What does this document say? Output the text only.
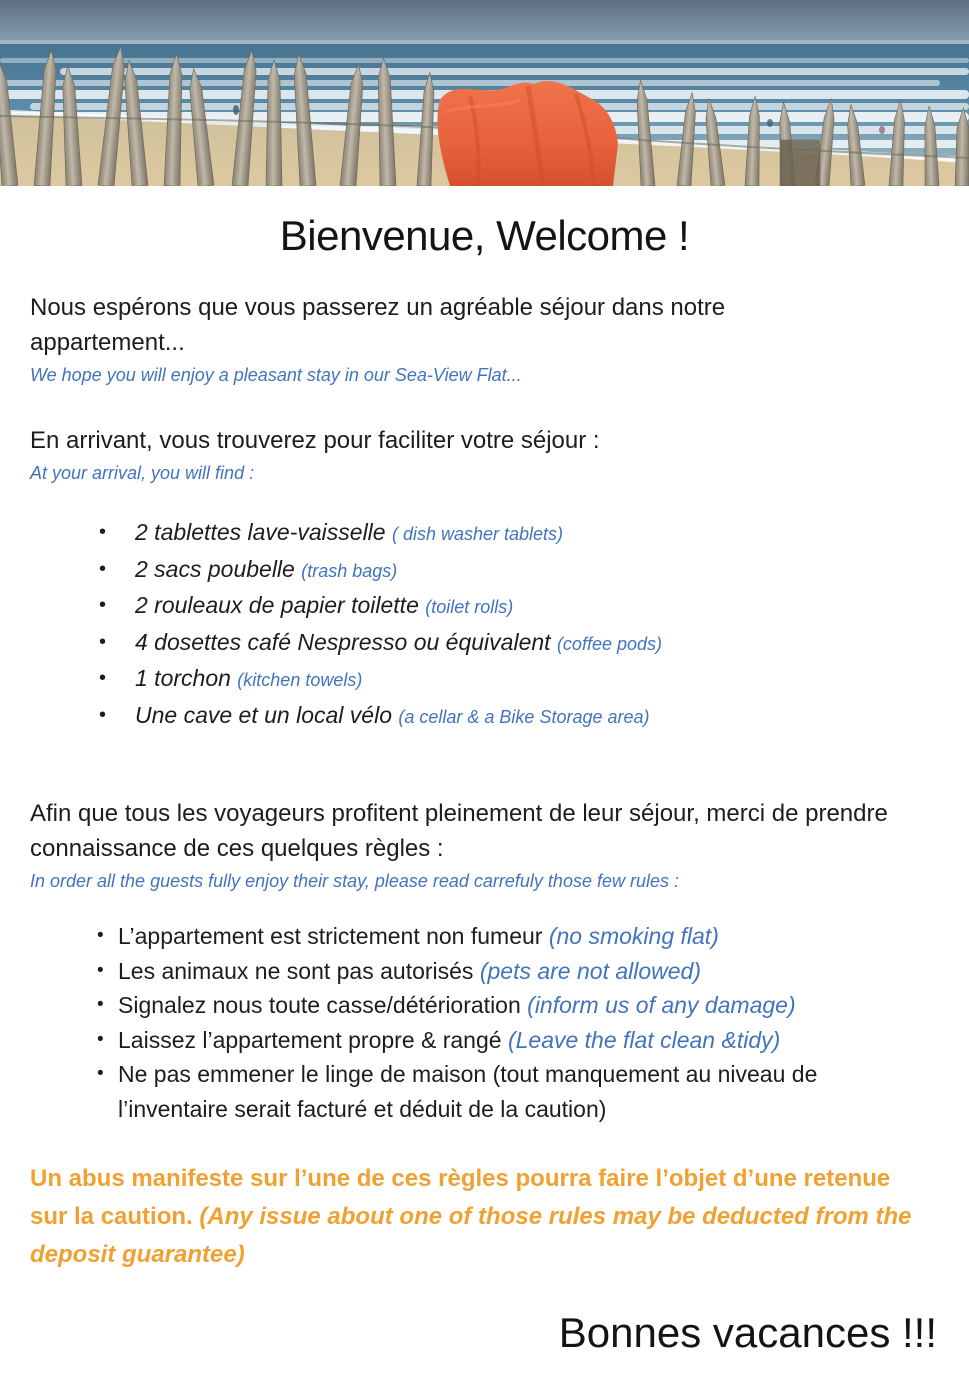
Bienvenue, Welcome !

Nous espérons que vous passerez un agréable séjour dans notre appartement...

We hope you will enjoy a pleasant stay in our Sea-View Flat...

En arrivant, vous trouverez pour faciliter votre séjour :

At your arrival, you will find :

• 2 tablettes lave-vaisselle ( dish washer tablets)
• 2 sacs poubelle (trash bags)
• 2 rouleaux de papier toilette (toilet rolls)
• 4 dosettes café Nespresso ou équivalent (coffee pods)
• 1 torchon (kitchen towels)
• Une cave et un local vélo (a cellar & a Bike Storage area)

Afin que tous les voyageurs profitent pleinement de leur séjour, merci de prendre connaissance de ces quelques règles :

In order all the guests fully enjoy their stay, please read carrefuly those few rules :

• L’appartement est strictement non fumeur (no smoking flat)
• Les animaux ne sont pas autorisés (pets are not allowed)
• Signalez nous toute casse/détérioration (inform us of any damage)
• Laissez l’appartement propre & rangé (Leave the flat clean &tidy)
• Ne pas emmener le linge de maison (tout manquement au niveau de l’inventaire serait facturé et déduit de la caution)

Un abus manifeste sur l’une de ces règles pourra faire l’objet d’une retenue sur la caution. (Any issue about one of those rules may be deducted from the deposit guarantee)

Bonnes vacances !!!
